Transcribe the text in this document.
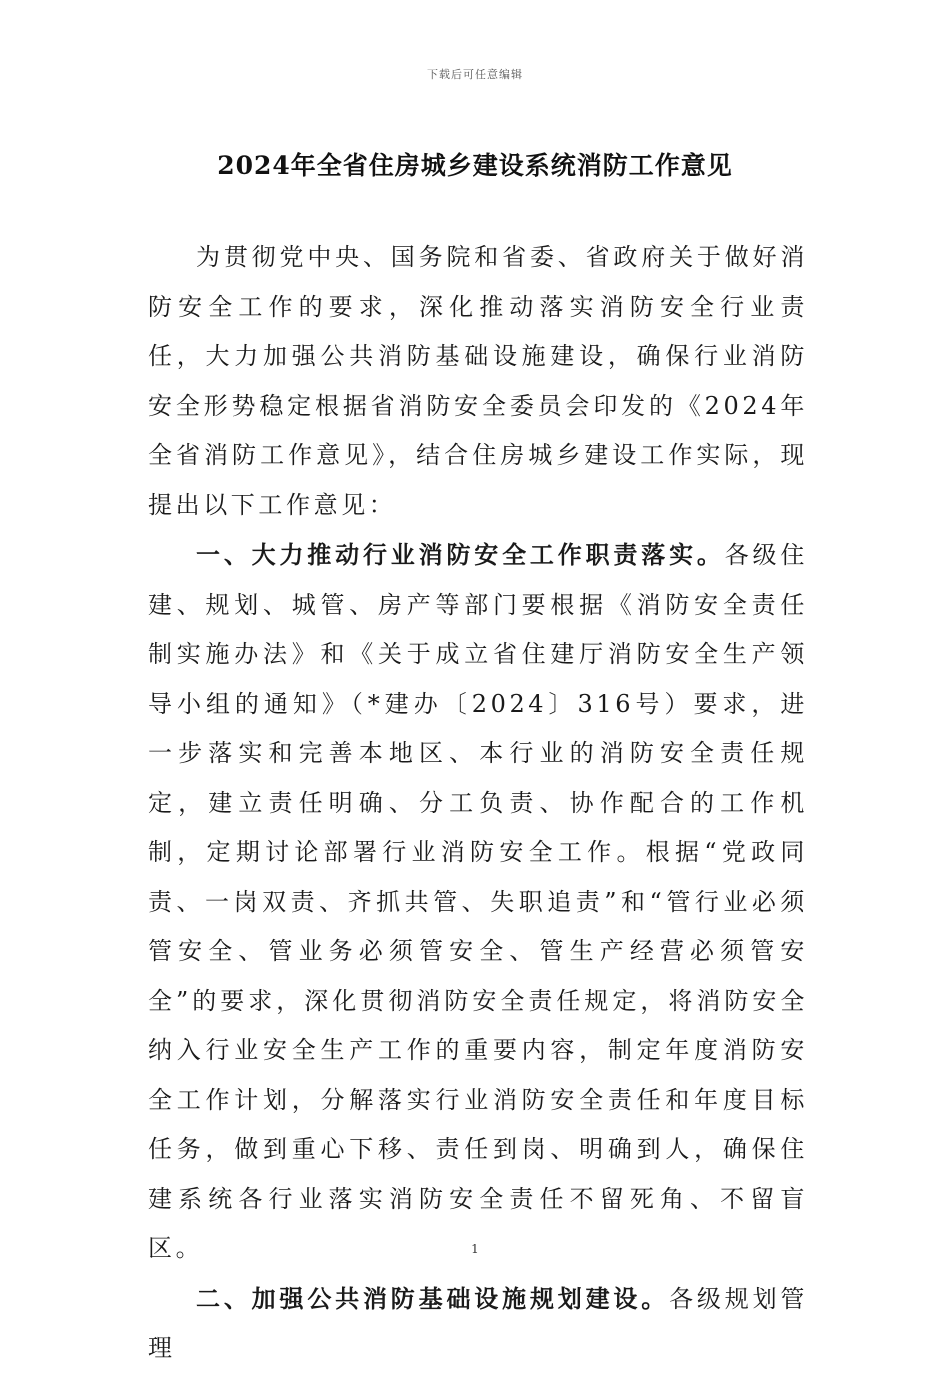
下载后可任意编辑
2024年全省住房城乡建设系统消防工作意见

为贯彻党中央、国务院和省委、省政府关于做好消防安全工作的要求，深化推动落实消防安全行业责任，大力加强公共消防基础设施建设，确保行业消防安全形势稳定根据省消防安全委员会印发的《2024年全省消防工作意见》，结合住房城乡建设工作实际，现提出以下工作意见：

一、大力推动行业消防安全工作职责落实。各级住建、规划、城管、房产等部门要根据《消防安全责任制实施办法》和《关于成立省住建厅消防安全生产领导小组的通知》（*建办〔2024〕316号）要求，进一步落实和完善本地区、本行业的消防安全责任规定，建立责任明确、分工负责、协作配合的工作机制，定期讨论部署行业消防安全工作。根据“党政同责、一岗双责、齐抓共管、失职追责”和“管行业必须管安全、管业务必须管安全、管生产经营必须管安全”的要求，深化贯彻消防安全责任规定，将消防安全纳入行业安全生产工作的重要内容，制定年度消防安全工作计划，分解落实行业消防安全责任和年度目标任务，做到重心下移、责任到岗、明确到人，确保住建系统各行业落实消防安全责任不留死角、不留盲区。

二、加强公共消防基础设施规划建设。各级规划管理

1
